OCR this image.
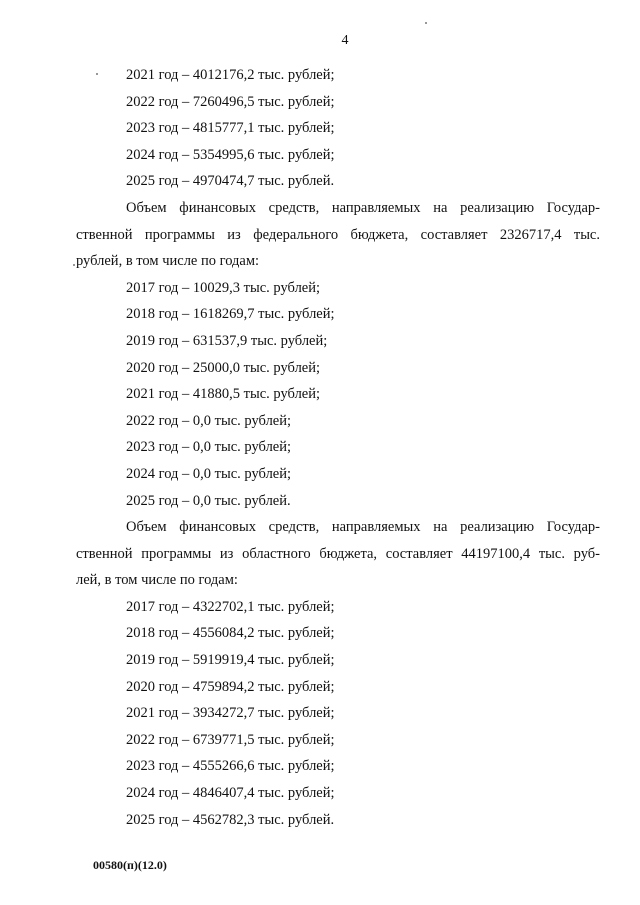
4
2021 год – 4012176,2 тыс. рублей;
2022 год – 7260496,5 тыс. рублей;
2023 год – 4815777,1 тыс. рублей;
2024 год – 5354995,6 тыс. рублей;
2025 год – 4970474,7 тыс. рублей.
Объем финансовых средств, направляемых на реализацию Государ-
ственной программы из федерального бюджета, составляет 2326717,4 тыс.
рублей, в том числе по годам:
2017 год – 10029,3 тыс. рублей;
2018 год – 1618269,7 тыс. рублей;
2019 год – 631537,9 тыс. рублей;
2020 год – 25000,0 тыс. рублей;
2021 год – 41880,5 тыс. рублей;
2022 год – 0,0 тыс. рублей;
2023 год – 0,0 тыс. рублей;
2024 год – 0,0 тыс. рублей;
2025 год – 0,0 тыс. рублей.
Объем финансовых средств, направляемых на реализацию Государ-
ственной программы из областного бюджета, составляет 44197100,4 тыс. руб-
лей, в том числе по годам:
2017 год – 4322702,1 тыс. рублей;
2018 год – 4556084,2 тыс. рублей;
2019 год – 5919919,4 тыс. рублей;
2020 год – 4759894,2 тыс. рублей;
2021 год – 3934272,7 тыс. рублей;
2022 год – 6739771,5 тыс. рублей;
2023 год – 4555266,6 тыс. рублей;
2024 год – 4846407,4 тыс. рублей;
2025 год – 4562782,3 тыс. рублей.
00580(п)(12.0)
